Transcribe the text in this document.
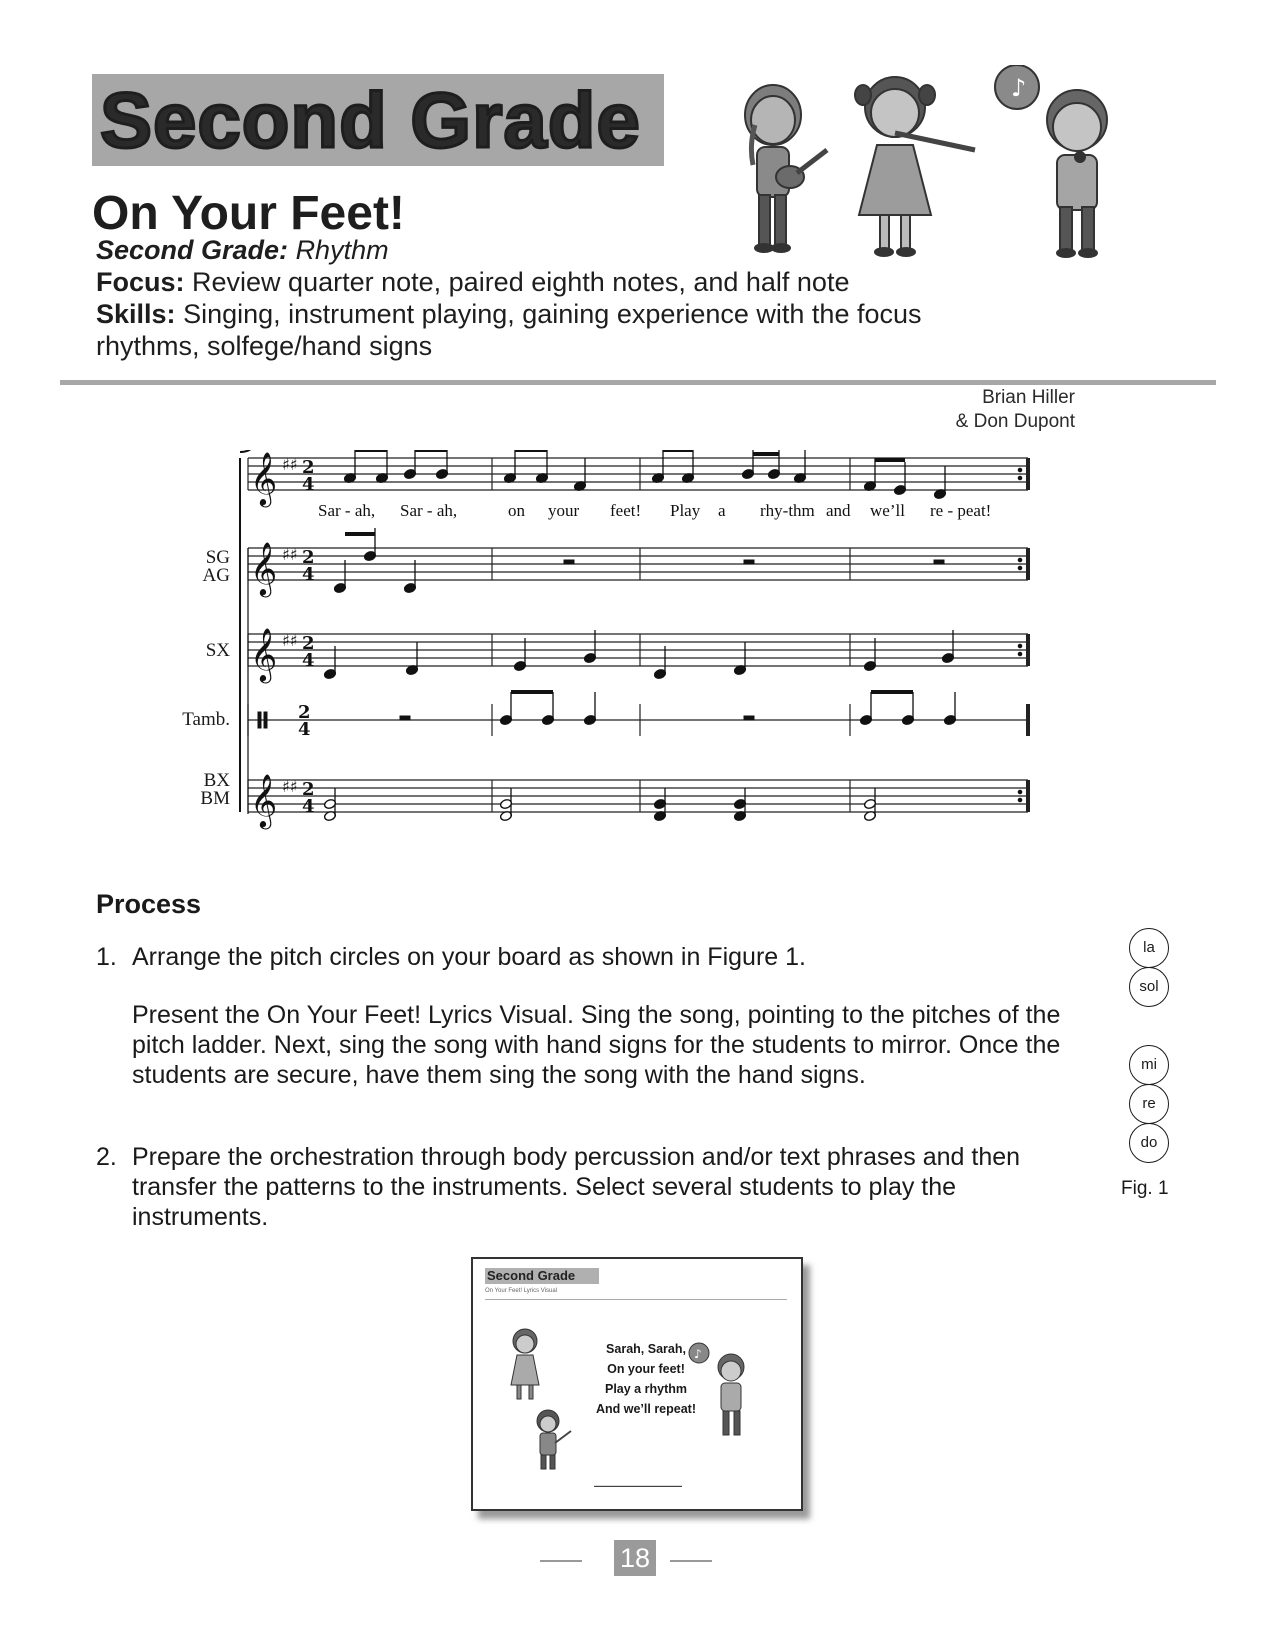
Second Grade
On Your Feet!
Second Grade: Rhythm
Focus: Review quarter note, paired eighth notes, and half note
Skills: Singing, instrument playing, gaining experience with the focus
rhythms, solfege/hand signs
♪
Brian Hiller
& Don Dupont
SG
AG
SX
Tamb.
BX
BM
𝄞 ♯♯ 2
4
𝄞 ♯♯ 2
4
𝄞 ♯♯ 2
4
𝄞 ♯♯ 2
4
2
4
Sar - ah, Sar - ah,	on your feet! Play a rhy-thm and we’ll re - peat!
Process
1. Arrange the pitch circles on your board as shown in Figure 1.
Present the On Your Feet! Lyrics Visual. Sing the song, pointing to the pitches of the pitch ladder. Next, sing the song with hand signs for the students to mirror. Once the students are secure, have them sing the song with the hand signs.
2. Prepare the orchestration through body percussion and/or text phrases and then transfer the patterns to the instruments. Select several students to play the instruments.
la
sol
mi
re
do
Fig. 1
Second Grade
On Your Feet! Lyrics Visual
Sarah, Sarah,
On your feet!
Play a rhythm
And we’ll repeat!
♪
▬▬▬▬▬▬▬▬▬▬▬▬▬▬▬▬▬▬▬▬▬▬
18
